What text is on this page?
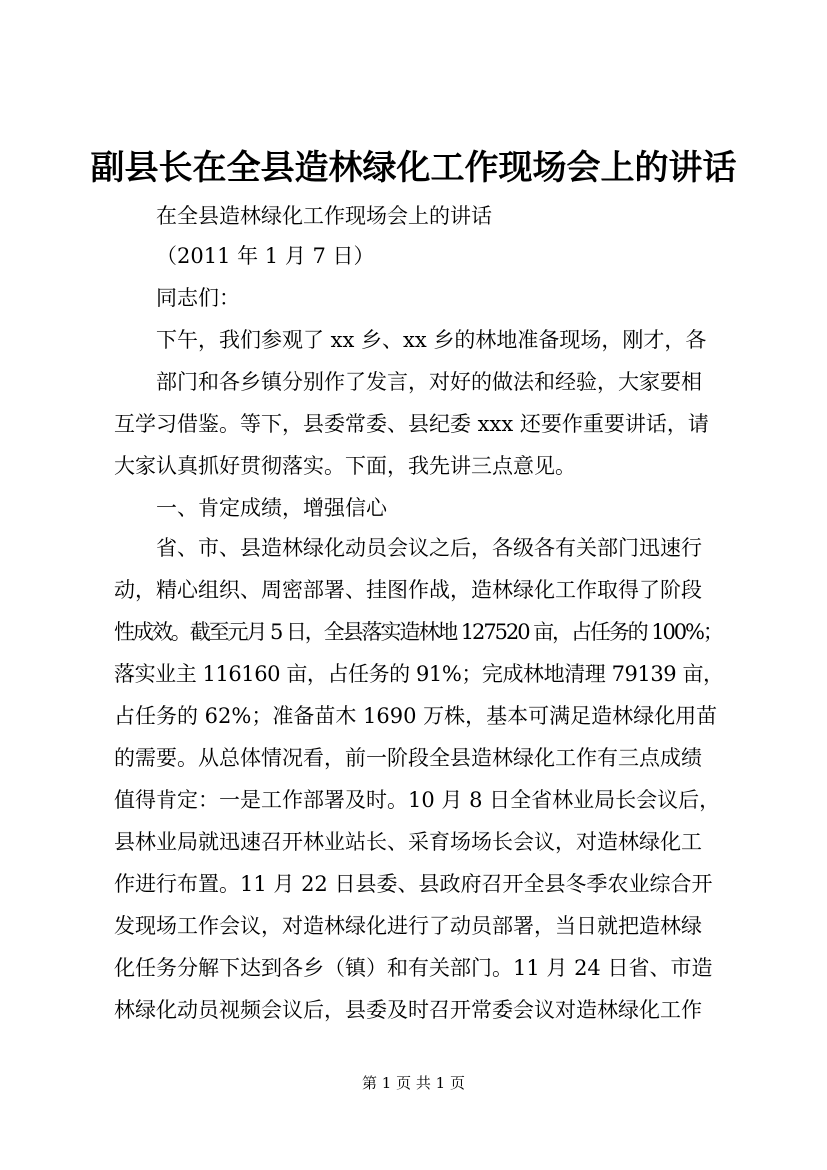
副县长在全县造林绿化工作现场会上的讲话

在全县造林绿化工作现场会上的讲话

（2011 年 1 月 7 日）

同志们：

下午，我们参观了 xx 乡、xx 乡的林地准备现场，刚才，各

部门和各乡镇分别作了发言，对好的做法和经验，大家要相

互学习借鉴。等下，县委常委、县纪委 xxx 还要作重要讲话，请

大家认真抓好贯彻落实。下面，我先讲三点意见。

一、肯定成绩，增强信心

省、市、县造林绿化动员会议之后，各级各有关部门迅速行

动，精心组织、周密部署、挂图作战，造林绿化工作取得了阶段

性成效。截至元月 5 日，全县落实造林地 127520 亩，占任务的 100%；

落实业主 116160 亩，占任务的 91%；完成林地清理 79139 亩，

占任务的 62%；准备苗木 1690 万株，基本可满足造林绿化用苗

的需要。从总体情况看，前一阶段全县造林绿化工作有三点成绩

值得肯定：一是工作部署及时。10 月 8 日全省林业局长会议后，

县林业局就迅速召开林业站长、采育场场长会议，对造林绿化工

作进行布置。11 月 22 日县委、县政府召开全县冬季农业综合开

发现场工作会议，对造林绿化进行了动员部署，当日就把造林绿

化任务分解下达到各乡（镇）和有关部门。11 月 24 日省、市造

林绿化动员视频会议后，县委及时召开常委会议对造林绿化工作

第 1 页 共 1 页
